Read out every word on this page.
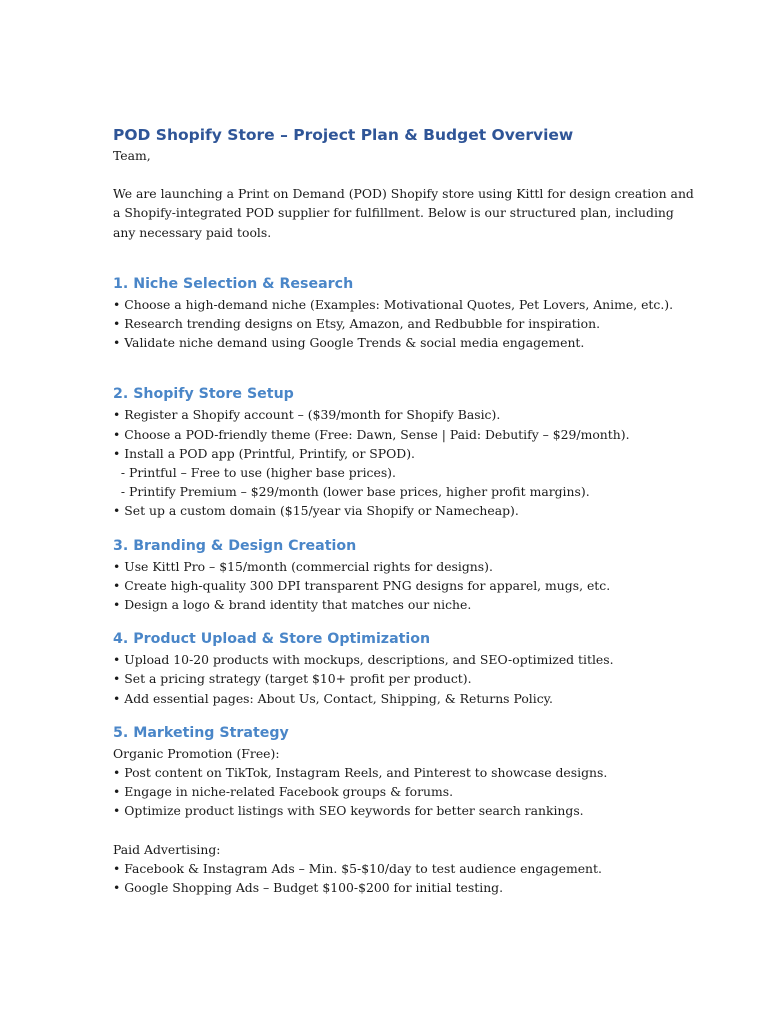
POD Shopify Store – Project Plan & Budget Overview

Team,

We are launching a Print on Demand (POD) Shopify store using Kittl for design creation and

a Shopify-integrated POD supplier for fulfillment. Below is our structured plan, including

any necessary paid tools.

1. Niche Selection & Research

• Choose a high-demand niche (Examples: Motivational Quotes, Pet Lovers, Anime, etc.).

• Research trending designs on Etsy, Amazon, and Redbubble for inspiration.

• Validate niche demand using Google Trends & social media engagement.

2. Shopify Store Setup

• Register a Shopify account – ($39/month for Shopify Basic).

• Choose a POD-friendly theme (Free: Dawn, Sense | Paid: Debutify – $29/month).

• Install a POD app (Printful, Printify, or SPOD).

- Printful – Free to use (higher base prices).

- Printify Premium – $29/month (lower base prices, higher profit margins).

• Set up a custom domain ($15/year via Shopify or Namecheap).

3. Branding & Design Creation

• Use Kittl Pro – $15/month (commercial rights for designs).

• Create high-quality 300 DPI transparent PNG designs for apparel, mugs, etc.

• Design a logo & brand identity that matches our niche.

4. Product Upload & Store Optimization

• Upload 10-20 products with mockups, descriptions, and SEO-optimized titles.

• Set a pricing strategy (target $10+ profit per product).

• Add essential pages: About Us, Contact, Shipping, & Returns Policy.

5. Marketing Strategy

Organic Promotion (Free):

• Post content on TikTok, Instagram Reels, and Pinterest to showcase designs.

• Engage in niche-related Facebook groups & forums.

• Optimize product listings with SEO keywords for better search rankings.

Paid Advertising:

• Facebook & Instagram Ads – Min. $5-$10/day to test audience engagement.

• Google Shopping Ads – Budget $100-$200 for initial testing.
